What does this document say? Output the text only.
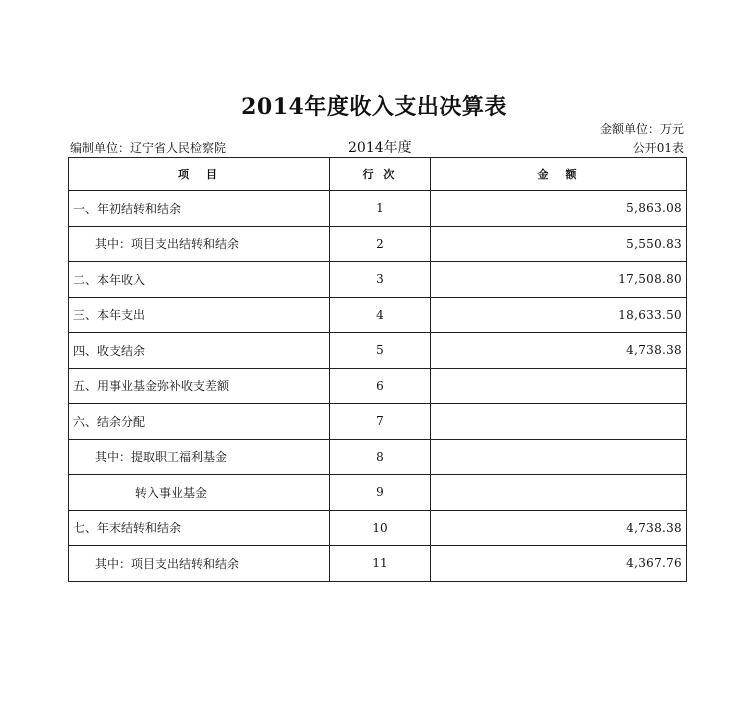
2014年度收入支出决算表
金额单位：万元
编制单位：辽宁省人民检察院	2014年度	公开01表
项　目	行 次	金　额
一、年初结转和结余	1	5,863.08
其中：项目支出结转和结余	2	5,550.83
二、本年收入	3	17,508.80
三、本年支出	4	18,633.50
四、收支结余	5	4,738.38
五、用事业基金弥补收支差额	6	
六、结余分配	7	
其中：提取职工福利基金	8	
转入事业基金	9	
七、年末结转和结余	10	4,738.38
其中：项目支出结转和结余	11	4,367.76
